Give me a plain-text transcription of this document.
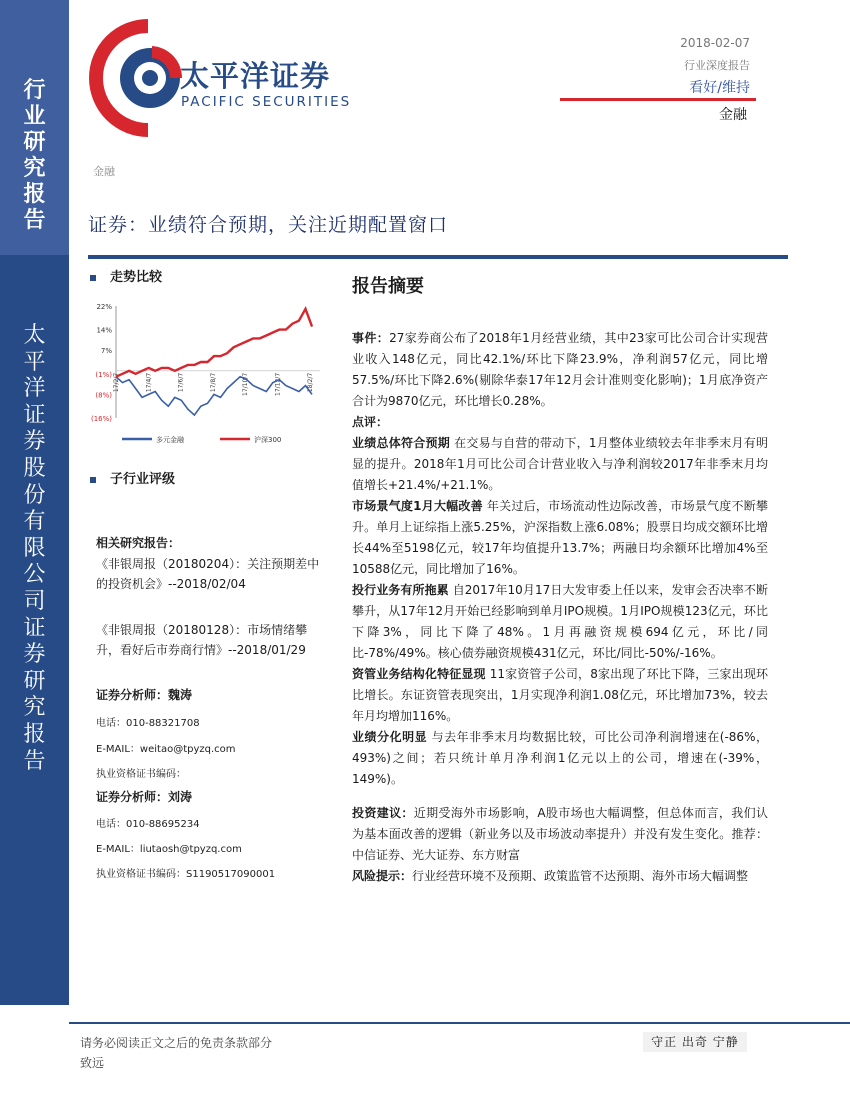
行
业
研
究
报
告
太
平
洋
证
券
股
份
有
限
公
司
证
券
研
究
报
告
太平洋证券
PACIFIC SECURITIES
2018-02-07
行业深度报告
看好/维持
金融
金融
证券：业绩符合预期，关注近期配置窗口
走势比较
22%
14%
7%
(1%)
(8%)
(16%)
17/2/7	17/4/7	17/6/7	17/8/7	17/10/7	17/12/7	18/2/7
多元金融	沪深300
子行业评级
相关研究报告：
《非银周报（20180204）：关注预期差中的投资机会》--2018/02/04
《非银周报（20180128）：市场情绪攀升，看好后市券商行情》--2018/01/29
证券分析师：魏涛
电话：010-88321708
E-MAIL：weitao@tpyzq.com
执业资格证书编码：
证券分析师：刘涛
电话：010-88695234
E-MAIL：liutaosh@tpyzq.com
执业资格证书编码：S1190517090001
报告摘要

事件：27家券商公布了2018年1月经营业绩，其中23家可比公司合计实现营业收入148亿元，同比42.1%/环比下降23.9%，净利润57亿元，同比增57.5%/环比下降2.6%(剔除华泰17年12月会计准则变化影响)；1月底净资产合计为9870亿元，环比增长0.28%。

点评：

业绩总体符合预期 在交易与自营的带动下，1月整体业绩较去年非季末月有明显的提升。2018年1月可比公司合计营业收入与净利润较2017年非季末月均值增长+21.4%/+21.1%。

市场景气度1月大幅改善 年关过后，市场流动性边际改善，市场景气度不断攀升。单月上证综指上涨5.25%，沪深指数上涨6.08%；股票日均成交额环比增长44%至5198亿元，较17年均值提升13.7%；两融日均余额环比增加4%至10588亿元，同比增加了16%。

投行业务有所拖累 自2017年10月17日大发审委上任以来，发审会否决率不断攀升，从17年12月开始已经影响到单月IPO规模。1月IPO规模123亿元，环比下降3%，同比下降了48%。1月再融资规模694亿元，环比/同比-78%/49%。核心债券融资规模431亿元，环比/同比-50%/-16%。

资管业务结构化特征显现 11家资管子公司，8家出现了环比下降，三家出现环比增长。东证资管表现突出，1月实现净利润1.08亿元，环比增加73%，较去年月均增加116%。

业绩分化明显 与去年非季末月均数据比较，可比公司净利润增速在(-86%，493%)之间；若只统计单月净利润1亿元以上的公司，增速在(-39%，149%)。

投资建议：近期受海外市场影响，A股市场也大幅调整，但总体而言，我们认为基本面改善的逻辑（新业务以及市场波动率提升）并没有发生变化。推荐：中信证券、光大证券、东方财富

风险提示：行业经营环境不及预期、政策监管不达预期、海外市场大幅调整

请务必阅读正文之后的免责条款部分
致远
守正 出奇 宁静
